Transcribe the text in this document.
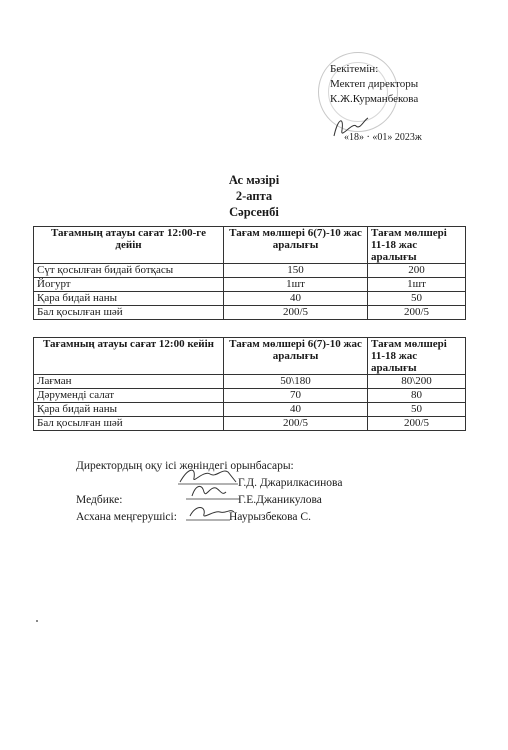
Бекітемін:
Мектеп директоры
К.Ж.Курманбекова
«18» · «01» 2023ж
Ас мәзірі
2-апта
Сәрсенбі
Тағамның атауы сағат 12:00-ге дейін	Тағам мөлшері 6(7)-10 жас аралығы	Тағам мөлшері 11-18 жас аралығы
Сүт қосылған бидай ботқасы	150	200
Йогурт	1шт	1шт
Қара бидай наны	40	50
Бал қосылған шәй	200/5	200/5
Тағамның атауы сағат 12:00 кейін	Тағам мөлшері 6(7)-10 жас аралығы	Тағам мөлшері 11-18 жас аралығы
Лағман	50\180	80\200
Дәрумендi салат	70	80
Қара бидай наны	40	50
Бал қосылған шәй	200/5	200/5
Директордың оқу ісі жөніндегі орынбасары:
Г.Д. Джарилкасинова
Медбике:	Г.Е.Джаникулова
Асхана меңгерушісі:	Наурызбекова С.
